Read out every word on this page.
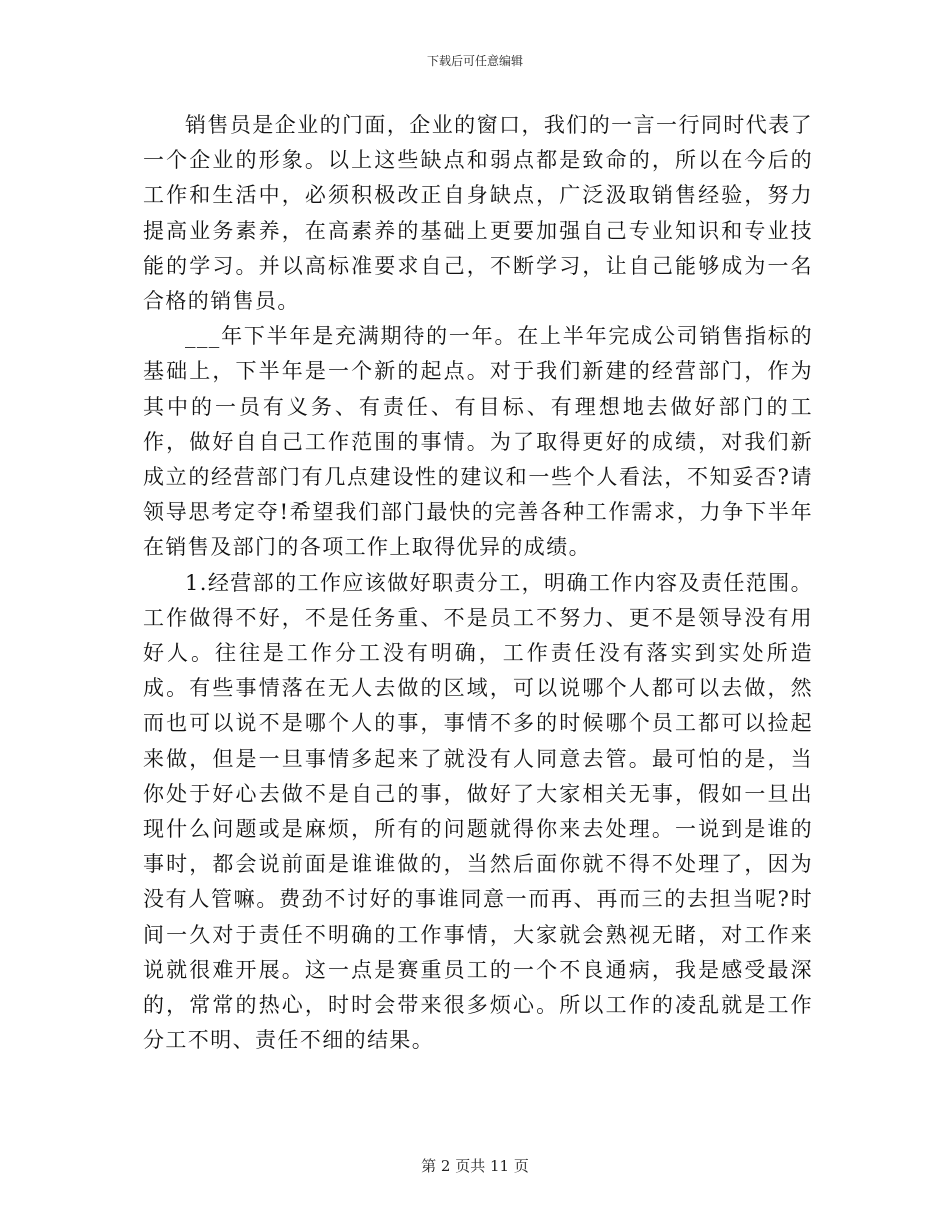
下载后可任意编辑

销售员是企业的门面，企业的窗口，我们的一言一行同时代表了一个企业的形象。以上这些缺点和弱点都是致命的，所以在今后的工作和生活中，必须积极改正自身缺点，广泛汲取销售经验，努力提高业务素养，在高素养的基础上更要加强自己专业知识和专业技能的学习。并以高标准要求自己，不断学习，让自己能够成为一名合格的销售员。

___年下半年是充满期待的一年。在上半年完成公司销售指标的基础上，下半年是一个新的起点。对于我们新建的经营部门，作为其中的一员有义务、有责任、有目标、有理想地去做好部门的工作，做好自自己工作范围的事情。为了取得更好的成绩，对我们新成立的经营部门有几点建设性的建议和一些个人看法，不知妥否?请领导思考定夺!希望我们部门最快的完善各种工作需求，力争下半年在销售及部门的各项工作上取得优异的成绩。

1.经营部的工作应该做好职责分工，明确工作内容及责任范围。工作做得不好，不是任务重、不是员工不努力、更不是领导没有用好人。往往是工作分工没有明确，工作责任没有落实到实处所造成。有些事情落在无人去做的区域，可以说哪个人都可以去做，然而也可以说不是哪个人的事，事情不多的时候哪个员工都可以捡起来做，但是一旦事情多起来了就没有人同意去管。最可怕的是，当你处于好心去做不是自己的事，做好了大家相关无事，假如一旦出现什么问题或是麻烦，所有的问题就得你来去处理。一说到是谁的事时，都会说前面是谁谁做的，当然后面你就不得不处理了，因为没有人管嘛。费劲不讨好的事谁同意一而再、再而三的去担当呢?时间一久对于责任不明确的工作事情，大家就会熟视无睹，对工作来说就很难开展。这一点是赛重员工的一个不良通病，我是感受最深的，常常的热心，时时会带来很多烦心。所以工作的凌乱就是工作分工不明、责任不细的结果。

第 2 页共 11 页
